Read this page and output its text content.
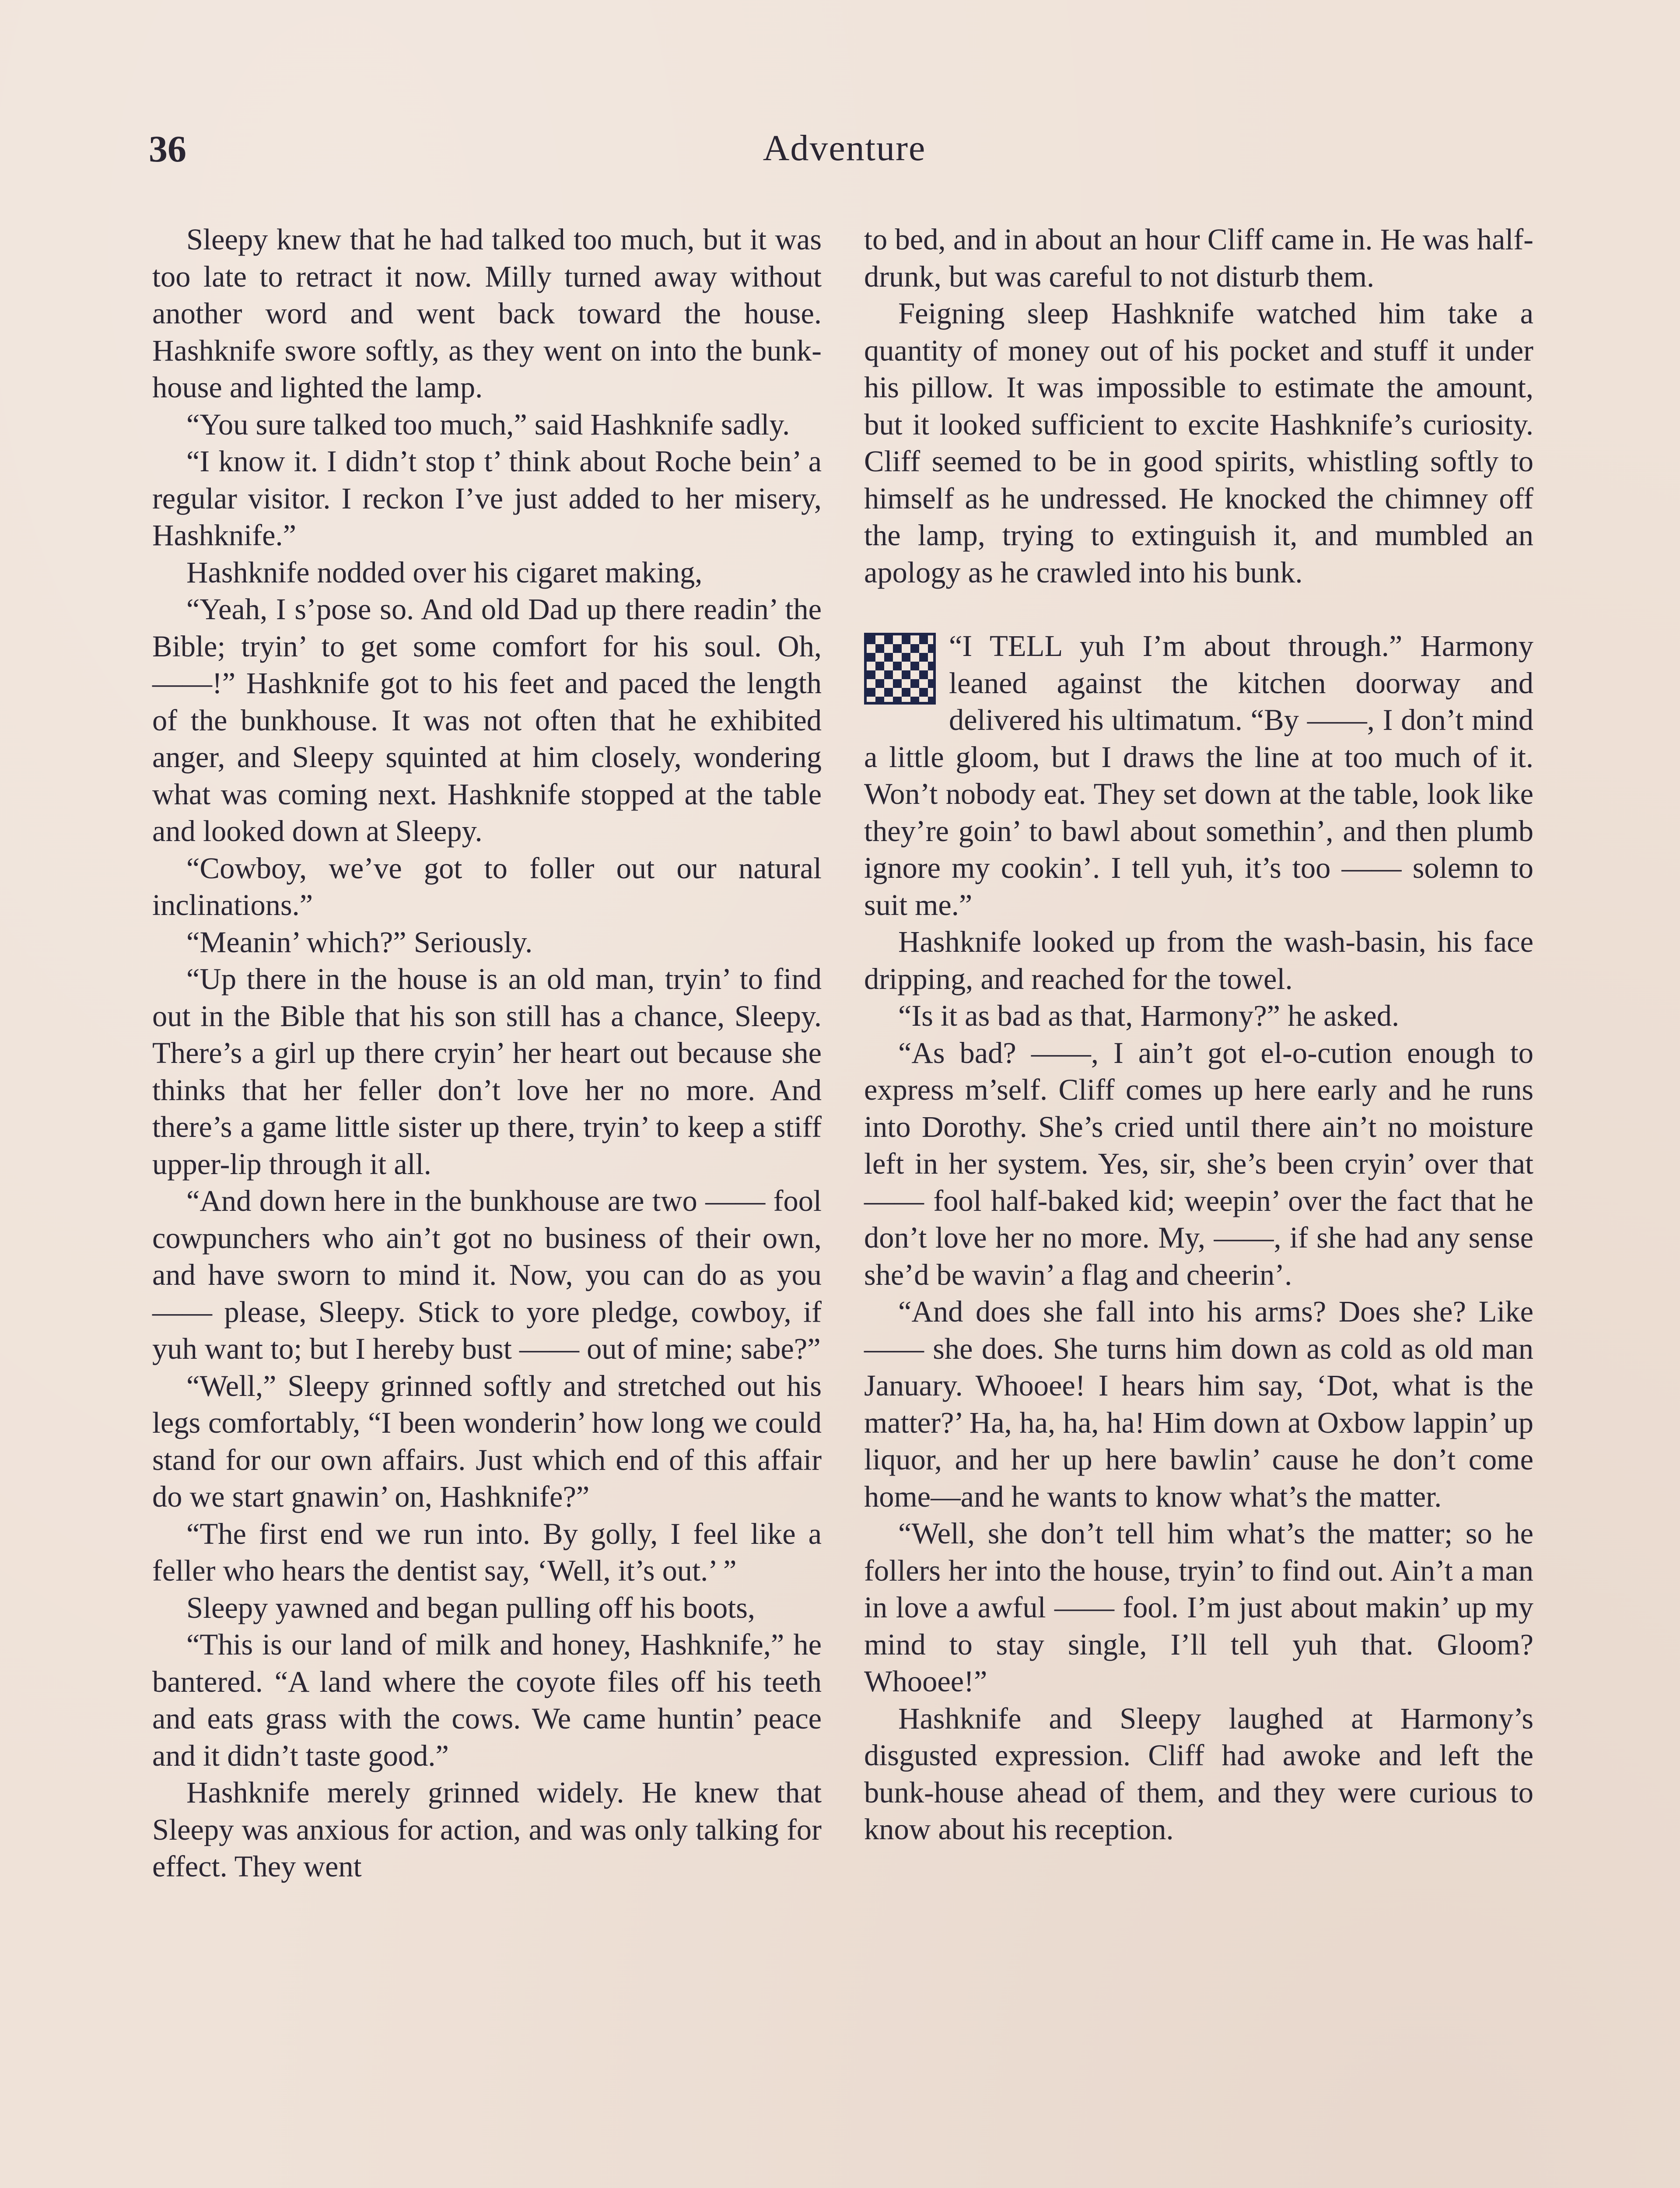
36	Adventure

Sleepy knew that he had talked too much, but it was too late to retract it now. Milly turned away without another word and went back toward the house. Hashknife swore softly, as they went on into the bunk-house and lighted the lamp.

“You sure talked too much,” said Hashknife sadly.

“I know it. I didn’t stop t’ think about Roche bein’ a regular visitor. I reckon I’ve just added to her misery, Hashknife.”

Hashknife nodded over his cigaret making,

“Yeah, I s’pose so. And old Dad up there readin’ the Bible; tryin’ to get some comfort for his soul. Oh, ——!” Hashknife got to his feet and paced the length of the bunkhouse. It was not often that he exhibited anger, and Sleepy squinted at him closely, wondering what was coming next. Hashknife stopped at the table and looked down at Sleepy.

“Cowboy, we’ve got to foller out our natural inclinations.”

“Meanin’ which?” Seriously.

“Up there in the house is an old man, tryin’ to find out in the Bible that his son still has a chance, Sleepy. There’s a girl up there cryin’ her heart out because she thinks that her feller don’t love her no more. And there’s a game little sister up there, tryin’ to keep a stiff upper-lip through it all.

“And down here in the bunkhouse are two —— fool cowpunchers who ain’t got no business of their own, and have sworn to mind it. Now, you can do as you —— please, Sleepy. Stick to yore pledge, cowboy, if yuh want to; but I hereby bust —— out of mine; sabe?”

“Well,” Sleepy grinned softly and stretched out his legs comfortably, “I been wonderin’ how long we could stand for our own affairs. Just which end of this affair do we start gnawin’ on, Hashknife?”

“The first end we run into. By golly, I feel like a feller who hears the dentist say, ‘Well, it’s out.’ ”

Sleepy yawned and began pulling off his boots,

“This is our land of milk and honey, Hashknife,” he bantered. “A land where the coyote files off his teeth and eats grass with the cows. We came huntin’ peace and it didn’t taste good.”

Hashknife merely grinned widely. He knew that Sleepy was anxious for action, and was only talking for effect. They went

to bed, and in about an hour Cliff came in. He was half-drunk, but was careful to not disturb them.

Feigning sleep Hashknife watched him take a quantity of money out of his pocket and stuff it under his pillow. It was impossible to estimate the amount, but it looked sufficient to excite Hashknife’s curiosity. Cliff seemed to be in good spirits, whistling softly to himself as he undressed. He knocked the chimney off the lamp, trying to extinguish it, and mumbled an apology as he crawled into his bunk.

“I TELL yuh I’m about through.” Harmony leaned against the kitchen doorway and delivered his ultimatum. “By ——, I don’t mind a little gloom, but I draws the line at too much of it. Won’t nobody eat. They set down at the table, look like they’re goin’ to bawl about somethin’, and then plumb ignore my cookin’. I tell yuh, it’s too —— solemn to suit me.”

Hashknife looked up from the wash-basin, his face dripping, and reached for the towel.

“Is it as bad as that, Harmony?” he asked.

“As bad? ——, I ain’t got el-o-cution enough to express m’self. Cliff comes up here early and he runs into Dorothy. She’s cried until there ain’t no moisture left in her system. Yes, sir, she’s been cryin’ over that —— fool half-baked kid; weepin’ over the fact that he don’t love her no more. My, ——, if she had any sense she’d be wavin’ a flag and cheerin’.

“And does she fall into his arms? Does she? Like —— she does. She turns him down as cold as old man January. Whooee! I hears him say, ‘Dot, what is the matter?’ Ha, ha, ha, ha! Him down at Oxbow lappin’ up liquor, and her up here bawlin’ cause he don’t come home—and he wants to know what’s the matter.

“Well, she don’t tell him what’s the matter; so he follers her into the house, tryin’ to find out. Ain’t a man in love a awful —— fool. I’m just about makin’ up my mind to stay single, I’ll tell yuh that. Gloom? Whooee!”

Hashknife and Sleepy laughed at Harmony’s disgusted expression. Cliff had awoke and left the bunk-house ahead of them, and they were curious to know about his reception.
